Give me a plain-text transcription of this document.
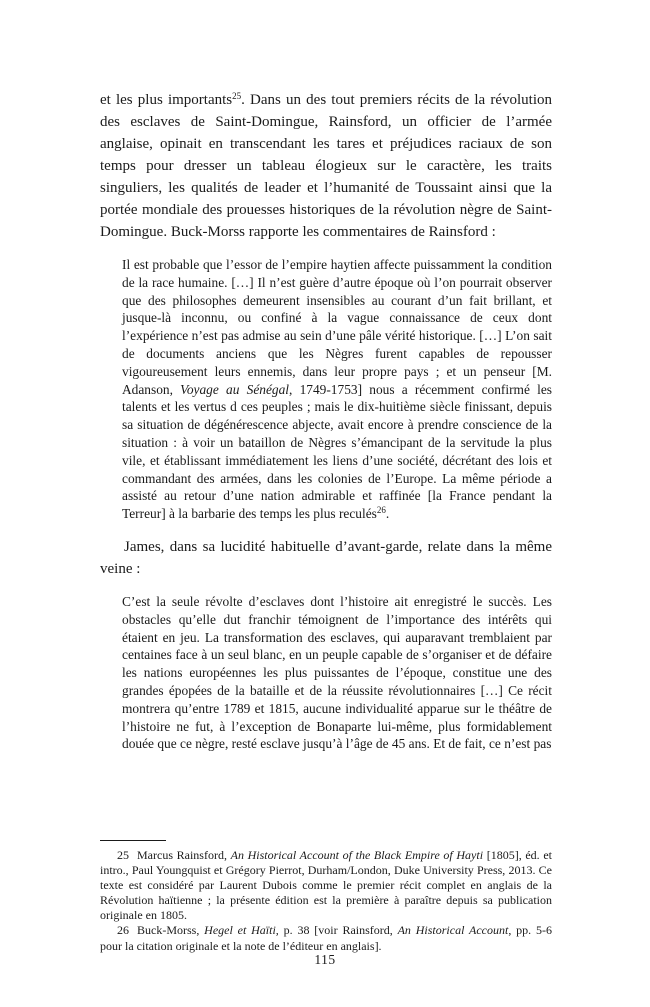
et les plus importants$^{25}$. Dans un des tout premiers récits de la révolution des esclaves de Saint-Domingue, Rainsford, un officier de l’armée anglaise, opinait en transcendant les tares et préjudices raciaux de son temps pour dresser un tableau élogieux sur le caractère, les traits singuliers, les qualités de leader et l’humanité de Toussaint ainsi que la portée mondiale des prouesses historiques de la révolution nègre de Saint-Domingue. Buck-Morss rapporte les commentaires de Rainsford :

Il est probable que l’essor de l’empire haytien affecte puissamment la condition de la race humaine. […] Il n’est guère d’autre époque où l’on pourrait observer que des philosophes demeurent insensibles au courant d’un fait brillant, et jusque-là inconnu, ou confiné à la vague connaissance de ceux dont l’expérience n’est pas admise au sein d’une pâle vérité historique. […] L’on sait de documents anciens que les Nègres furent capables de repousser vigoureusement leurs ennemis, dans leur propre pays ; et un penseur [M. Adanson, Voyage au Sénégal, 1749-1753] nous a récemment confirmé les talents et les vertus d ces peuples ; mais le dix-huitième siècle finissant, depuis sa situation de dégénérescence abjecte, avait encore à prendre conscience de la situation : à voir un bataillon de Nègres s’émancipant de la servitude la plus vile, et établissant immédiatement les liens d’une société, décrétant des lois et commandant des armées, dans les colonies de l’Europe. La même période a assisté au retour d’une nation admirable et raffinée [la France pendant la Terreur] à la barbarie des temps les plus reculés$^{26}$.

James, dans sa lucidité habituelle d’avant-garde, relate dans la même veine :

C’est la seule révolte d’esclaves dont l’histoire ait enregistré le succès. Les obstacles qu’elle dut franchir témoignent de l’importance des intérêts qui étaient en jeu. La transformation des esclaves, qui auparavant tremblaient par centaines face à un seul blanc, en un peuple capable de s’organiser et de défaire les nations européennes les plus puissantes de l’époque, constitue une des grandes épopées de la bataille et de la réussite révolutionnaires […] Ce récit montrera qu’entre 1789 et 1815, aucune individualité apparue sur le théâtre de l’histoire ne fut, à l’exception de Bonaparte lui-même, plus formidablement douée que ce nègre, resté esclave jusqu’à l’âge de 45 ans. Et de fait, ce n’est pas

25 Marcus Rainsford, An Historical Account of the Black Empire of Hayti [1805], éd. et intro., Paul Youngquist et Grégory Pierrot, Durham/London, Duke University Press, 2013. Ce texte est considéré par Laurent Dubois comme le premier récit complet en anglais de la Révolution haïtienne ; la présente édition est la première à paraître depuis sa publication originale en 1805.

26 Buck-Morss, Hegel et Haïti, p. 38 [voir Rainsford, An Historical Account, pp. 5-6 pour la citation originale et la note de l’éditeur en anglais].

115
